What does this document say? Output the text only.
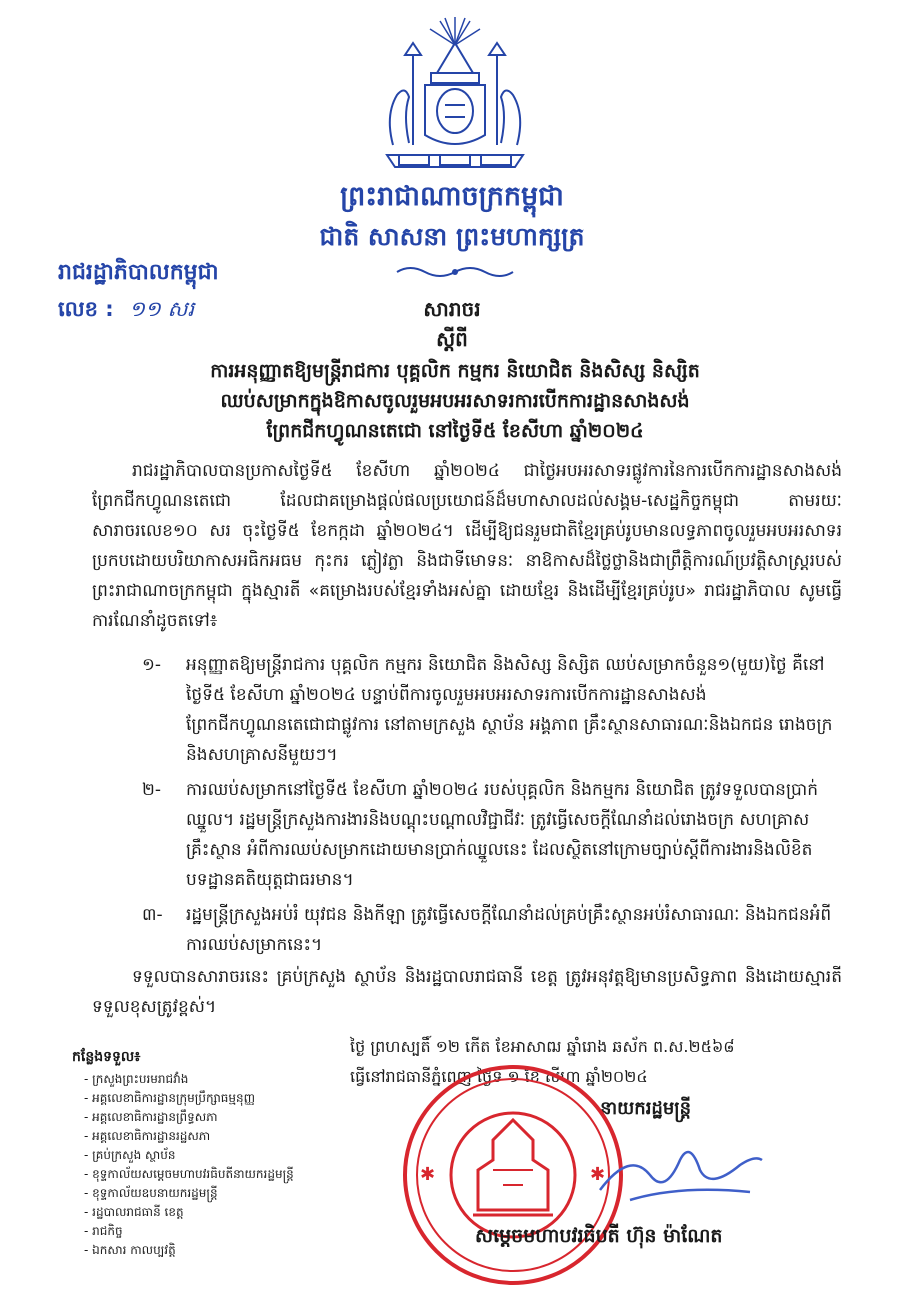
ព្រះរាជាណាចក្រកម្ពុជា
ជាតិ សាសនា ព្រះមហាក្សត្រ
រាជរដ្ឋាភិបាលកម្ពុជា
លេខ : ១១ សរ	សារាចរ
ស្តីពី
ការអនុញ្ញាតឱ្យមន្ត្រីរាជការ បុគ្គលិក កម្មករ និយោជិត និងសិស្ស និស្សិត
ឈប់សម្រាកក្នុងឱកាសចូលរួមអបអរសាទរការបើកការដ្ឋានសាងសង់
ព្រែកជីកហ្វូណនតេជោ នៅថ្ងៃទី៥ ខែសីហា ឆ្នាំ២០២៤
រាជរដ្ឋាភិបាលបានប្រកាសថ្ងៃទី៥ ខែសីហា ឆ្នាំ២០២៤ ជាថ្ងៃអបអរសាទរផ្លូវការនៃការបើកការដ្ឋានសាងសង់ព្រែកជីកហ្វូណនតេជោ ដែលជាគម្រោងផ្តល់ផលប្រយោជន៍ដ៏មហាសាលដល់សង្គម-សេដ្ឋកិច្ចកម្ពុជា តាមរយៈសារាចរលេខ១០ សរ ចុះថ្ងៃទី៥ ខែកក្កដា ឆ្នាំ២០២៤។ ដើម្បីឱ្យជនរួមជាតិខ្មែរគ្រប់រូបមានលទ្ធភាពចូលរួមអបអរសាទរ ប្រកបដោយបរិយាកាសអធិកអធម កុះករ ភ្លៀវភ្លា និងជាទីមោទនៈ នាឱកាសដ៏ថ្លៃថ្លានិងជាព្រឹត្តិការណ៍ប្រវត្តិសាស្ត្ររបស់ព្រះរាជាណាចក្រកម្ពុជា ក្នុងស្មារតី «គម្រោងរបស់ខ្មែរទាំងអស់គ្នា ដោយខ្មែរ និងដើម្បីខ្មែរគ្រប់រូប» រាជរដ្ឋាភិបាល សូមធ្វើការណែនាំដូចតទៅ៖
១- អនុញ្ញាតឱ្យមន្ត្រីរាជការ បុគ្គលិក កម្មករ និយោជិត និងសិស្ស និស្សិត ឈប់សម្រាកចំនួន១(មួយ)ថ្ងៃ គឺនៅថ្ងៃទី៥ ខែសីហា ឆ្នាំ២០២៤ បន្ទាប់ពីការចូលរួមអបអរសាទរការបើកការដ្ឋានសាងសង់ព្រែកជីកហ្វូណនតេជោជាផ្លូវការ នៅតាមក្រសួង ស្ថាប័ន អង្គភាព គ្រឹះស្ថានសាធារណៈនិងឯកជន រោងចក្រ និងសហគ្រាសនីមួយៗ។
២- ការឈប់សម្រាកនៅថ្ងៃទី៥ ខែសីហា ឆ្នាំ២០២៤ របស់បុគ្គលិក និងកម្មករ និយោជិត ត្រូវទទួលបានប្រាក់ឈ្នួល។ រដ្ឋមន្ត្រីក្រសួងការងារនិងបណ្តុះបណ្តាលវិជ្ជាជីវៈ ត្រូវធ្វើសេចក្តីណែនាំដល់រោងចក្រ សហគ្រាស គ្រឹះស្ថាន អំពីការឈប់សម្រាកដោយមានប្រាក់ឈ្នួលនេះ ដែលស្ថិតនៅក្រោមច្បាប់ស្តីពីការងារនិងលិខិតបទដ្ឋានគតិយុត្តជាធរមាន។
៣- រដ្ឋមន្ត្រីក្រសួងអប់រំ យុវជន និងកីឡា ត្រូវធ្វើសេចក្តីណែនាំដល់គ្រប់គ្រឹះស្ថានអប់រំសាធារណៈ និងឯកជនអំពីការឈប់សម្រាកនេះ។
ទទួលបានសារាចរនេះ គ្រប់ក្រសួង ស្ថាប័ន និងរដ្ឋបាលរាជធានី ខេត្ត ត្រូវអនុវត្តឱ្យមានប្រសិទ្ធភាព និងដោយស្មារតីទទួលខុសត្រូវខ្ពស់។
ថ្ងៃ ព្រហស្បតិ៍ ១២ កើត ខែអាសាឍ ឆ្នាំរោង ឆស័ក ព.ស.២៥៦៨
ធ្វើនៅរាជធានីភ្នំពេញ ថ្ងៃទី ១ ខែ សីហា ឆ្នាំ២០២៤
នាយករដ្ឋមន្ត្រី
កន្លែងទទួល៖
- ក្រសួងព្រះបរមរាជវាំង
- អគ្គលេខាធិការដ្ឋានក្រុមប្រឹក្សាធម្មនុញ្ញ
- អគ្គលេខាធិការដ្ឋានព្រឹទ្ធសភា
- អគ្គលេខាធិការដ្ឋានរដ្ឋសភា
- គ្រប់ក្រសួង ស្ថាប័ន
- ខុទ្ទកាល័យសម្តេចមហាបវរធិបតីនាយករដ្ឋមន្ត្រី
- ខុទ្ទកាល័យឧបនាយករដ្ឋមន្ត្រី
- រដ្ឋបាលរាជធានី ខេត្ត
- រាជកិច្ច
- ឯកសារ កាលប្បវត្តិ
✱	✱
សម្តេចមហាបវរធិបតី ហ៊ុន ម៉ាណែត
